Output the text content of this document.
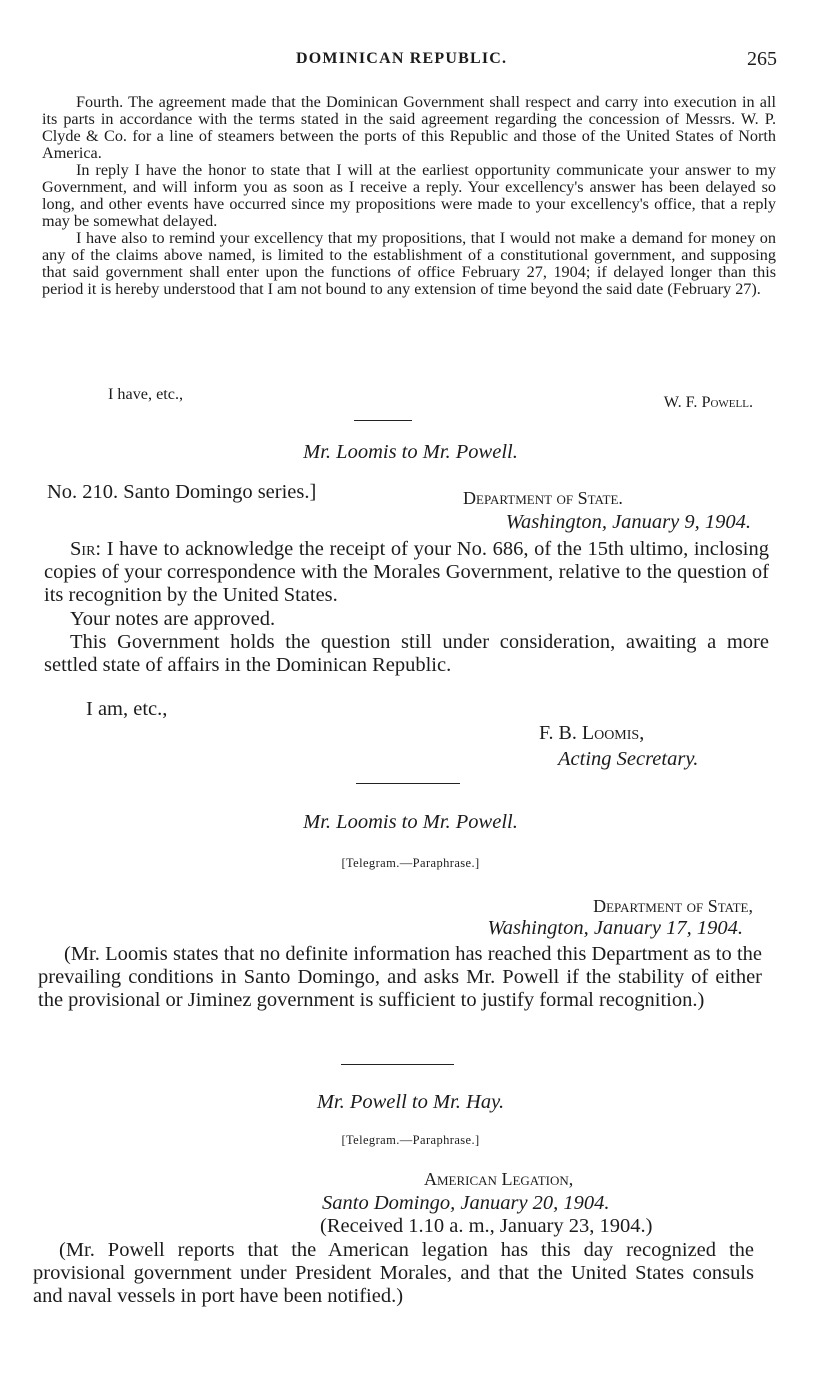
DOMINICAN REPUBLIC.	265

Fourth. The agreement made that the Dominican Government shall respect and carry into execution in all its parts in accordance with the terms stated in the said agreement regarding the concession of Messrs. W. P. Clyde & Co. for a line of steamers between the ports of this Republic and those of the United States of North America.

In reply I have the honor to state that I will at the earliest opportunity communicate your answer to my Government, and will inform you as soon as I receive a reply. Your excellency's answer has been delayed so long, and other events have occurred since my propositions were made to your excellency's office, that a reply may be somewhat delayed.

I have also to remind your excellency that my propositions, that I would not make a demand for money on any of the claims above named, is limited to the establishment of a constitutional government, and supposing that said government shall enter upon the functions of office February 27, 1904; if delayed longer than this period it is hereby understood that I am not bound to any extension of time beyond the said date (February 27).

I have, etc.,	W. F. Powell.
Mr. Loomis to Mr. Powell.
No. 210. Santo Domingo series.]	Department of State.
Washington, January 9, 1904.

Sir: I have to acknowledge the receipt of your No. 686, of the 15th ultimo, inclosing copies of your correspondence with the Morales Government, relative to the question of its recognition by the United States.

Your notes are approved.

This Government holds the question still under consideration, awaiting a more settled state of affairs in the Dominican Republic.

I am, etc.,
F. B. Loomis,
Acting Secretary.
Mr. Loomis to Mr. Powell.
[Telegram.—Paraphrase.]
Department of State,
Washington, January 17, 1904.

(Mr. Loomis states that no definite information has reached this Department as to the prevailing conditions in Santo Domingo, and asks Mr. Powell if the stability of either the provisional or Jiminez government is sufficient to justify formal recognition.)

Mr. Powell to Mr. Hay.
[Telegram.—Paraphrase.]
American Legation,
Santo Domingo, January 20, 1904.
(Received 1.10 a. m., January 23, 1904.)

(Mr. Powell reports that the American legation has this day recognized the provisional government under President Morales, and that the United States consuls and naval vessels in port have been notified.)
